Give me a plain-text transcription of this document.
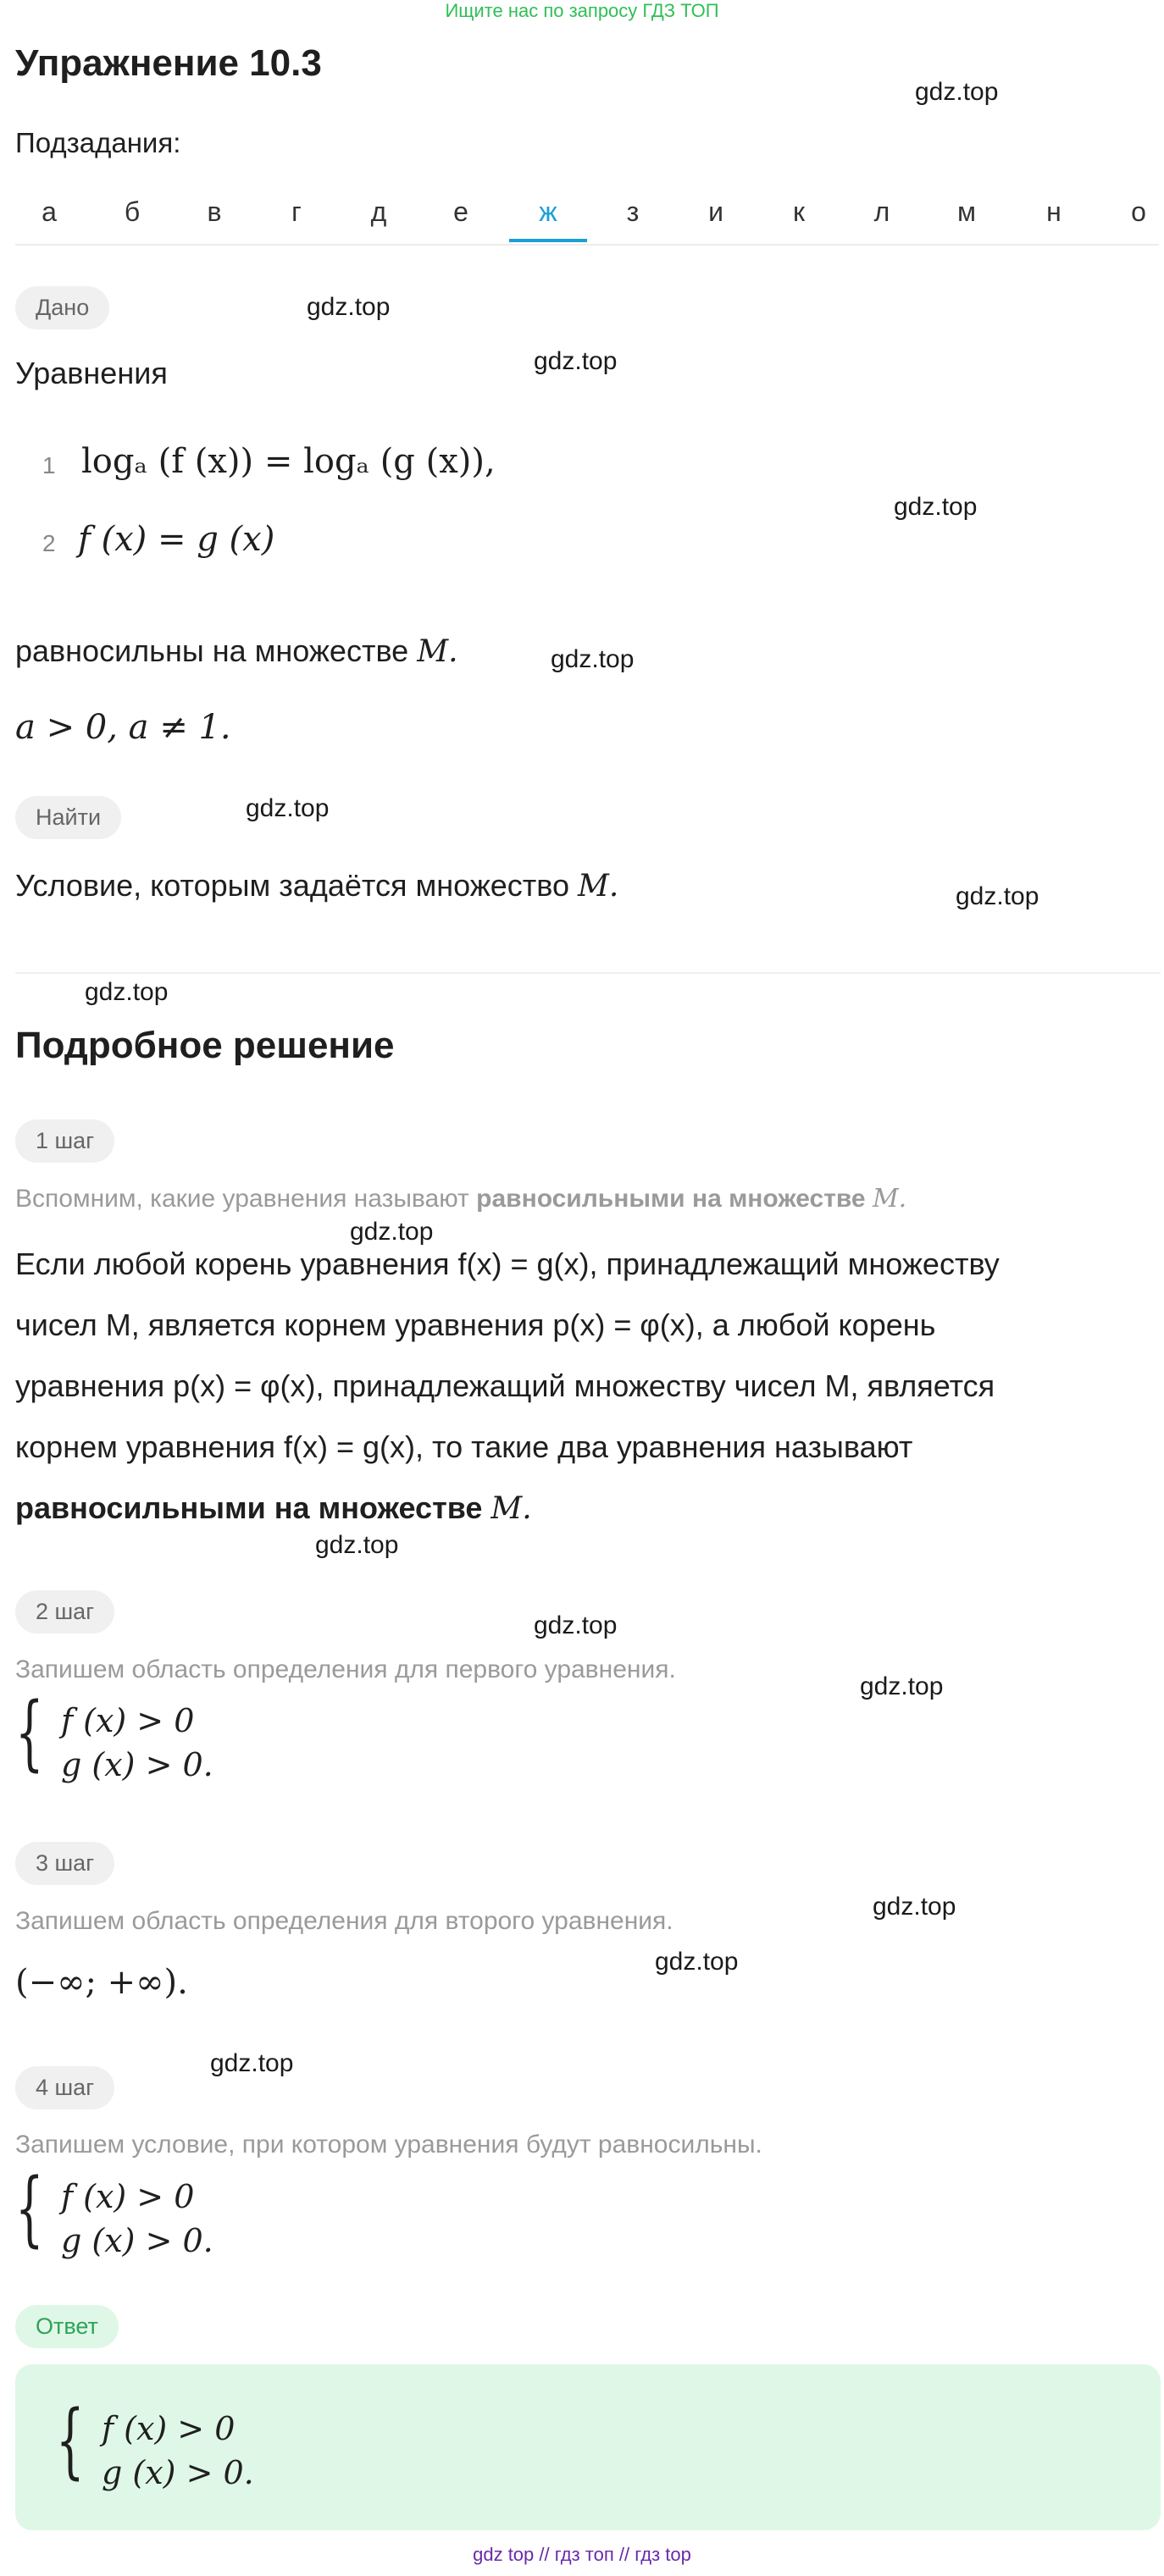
Ищите нас по запросу ГДЗ ТОП
Упражнение 10.3
gdz.top
gdz.top
gdz.top
gdz.top
gdz.top
gdz.top
gdz.top
gdz.top
gdz.top
gdz.top
gdz.top
gdz.top
gdz.top
gdz.top
gdz.top
Подзадания:
а	б	в	г	д	е	ж	з	и	к	л	м	н	о
Дано
Уравнения
1 logₐ (f (x)) = logₐ (g (x)),
2 f (x) = g (x)
равносильны на множестве M.
a > 0, a ≠ 1.
Найти
Условие, которым задаётся множество M.
Подробное решение
1 шаг
Вспомним, какие уравнения называют равносильными на множестве M.
Если любой корень уравнения f(x) = g(x), принадлежащий множеству
чисел M, является корнем уравнения p(x) = φ(x), а любой корень
уравнения p(x) = φ(x), принадлежащий множеству чисел M, является
корнем уравнения f(x) = g(x), то такие два уравнения называют
равносильными на множестве M.
2 шаг
Запишем область определения для первого уравнения.
{ f (x) > 0
g (x) > 0.
3 шаг
Запишем область определения для второго уравнения.
(−∞; +∞).
4 шаг
Запишем условие, при котором уравнения будут равносильны.
{ f (x) > 0
g (x) > 0.
Ответ
{ f (x) > 0
g (x) > 0.
gdz top // гдз топ // гдз top
